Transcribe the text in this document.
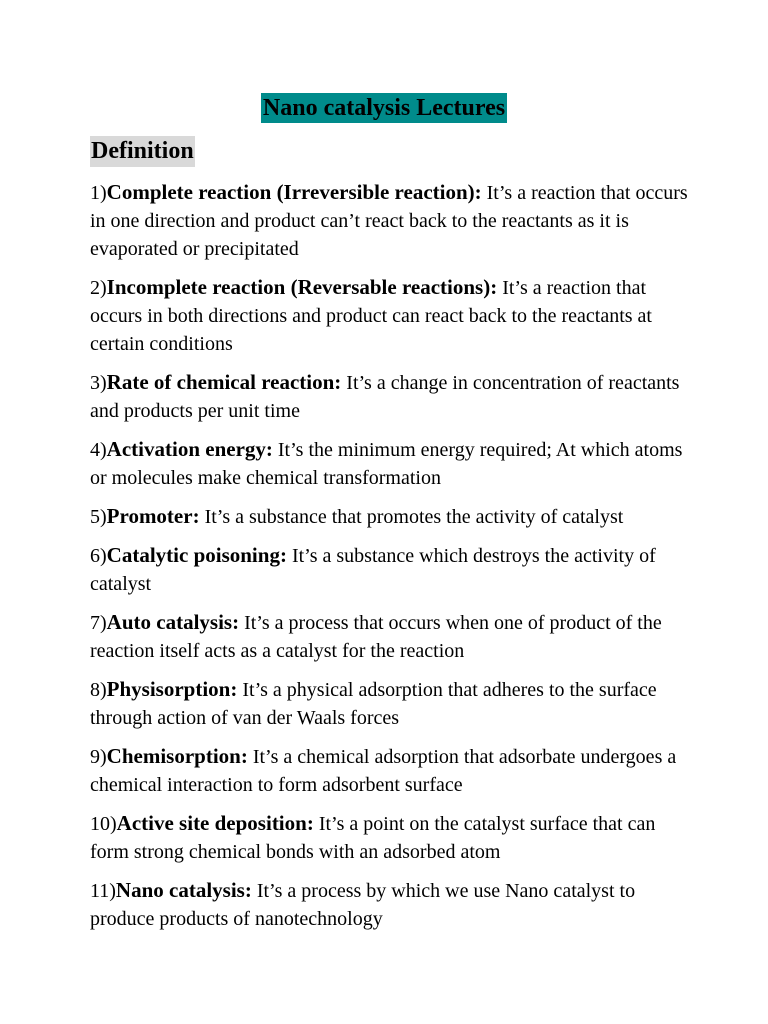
Nano catalysis Lectures
Definition

1)Complete reaction (Irreversible reaction): It’s a reaction that occurs in one direction and product can’t react back to the reactants as it is evaporated or precipitated

2)Incomplete reaction (Reversable reactions): It’s a reaction that occurs in both directions and product can react back to the reactants at certain conditions

3)Rate of chemical reaction: It’s a change in concentration of reactants and products per unit time

4)Activation energy: It’s the minimum energy required; At which atoms or molecules make chemical transformation

5)Promoter: It’s a substance that promotes the activity of catalyst

6)Catalytic poisoning: It’s a substance which destroys the activity of catalyst

7)Auto catalysis: It’s a process that occurs when one of product of the reaction itself acts as a catalyst for the reaction

8)Physisorption: It’s a physical adsorption that adheres to the surface through action of van der Waals forces

9)Chemisorption: It’s a chemical adsorption that adsorbate undergoes a chemical interaction to form adsorbent surface

10)Active site deposition: It’s a point on the catalyst surface that can form strong chemical bonds with an adsorbed atom

11)Nano catalysis: It’s a process by which we use Nano catalyst to produce products of nanotechnology
